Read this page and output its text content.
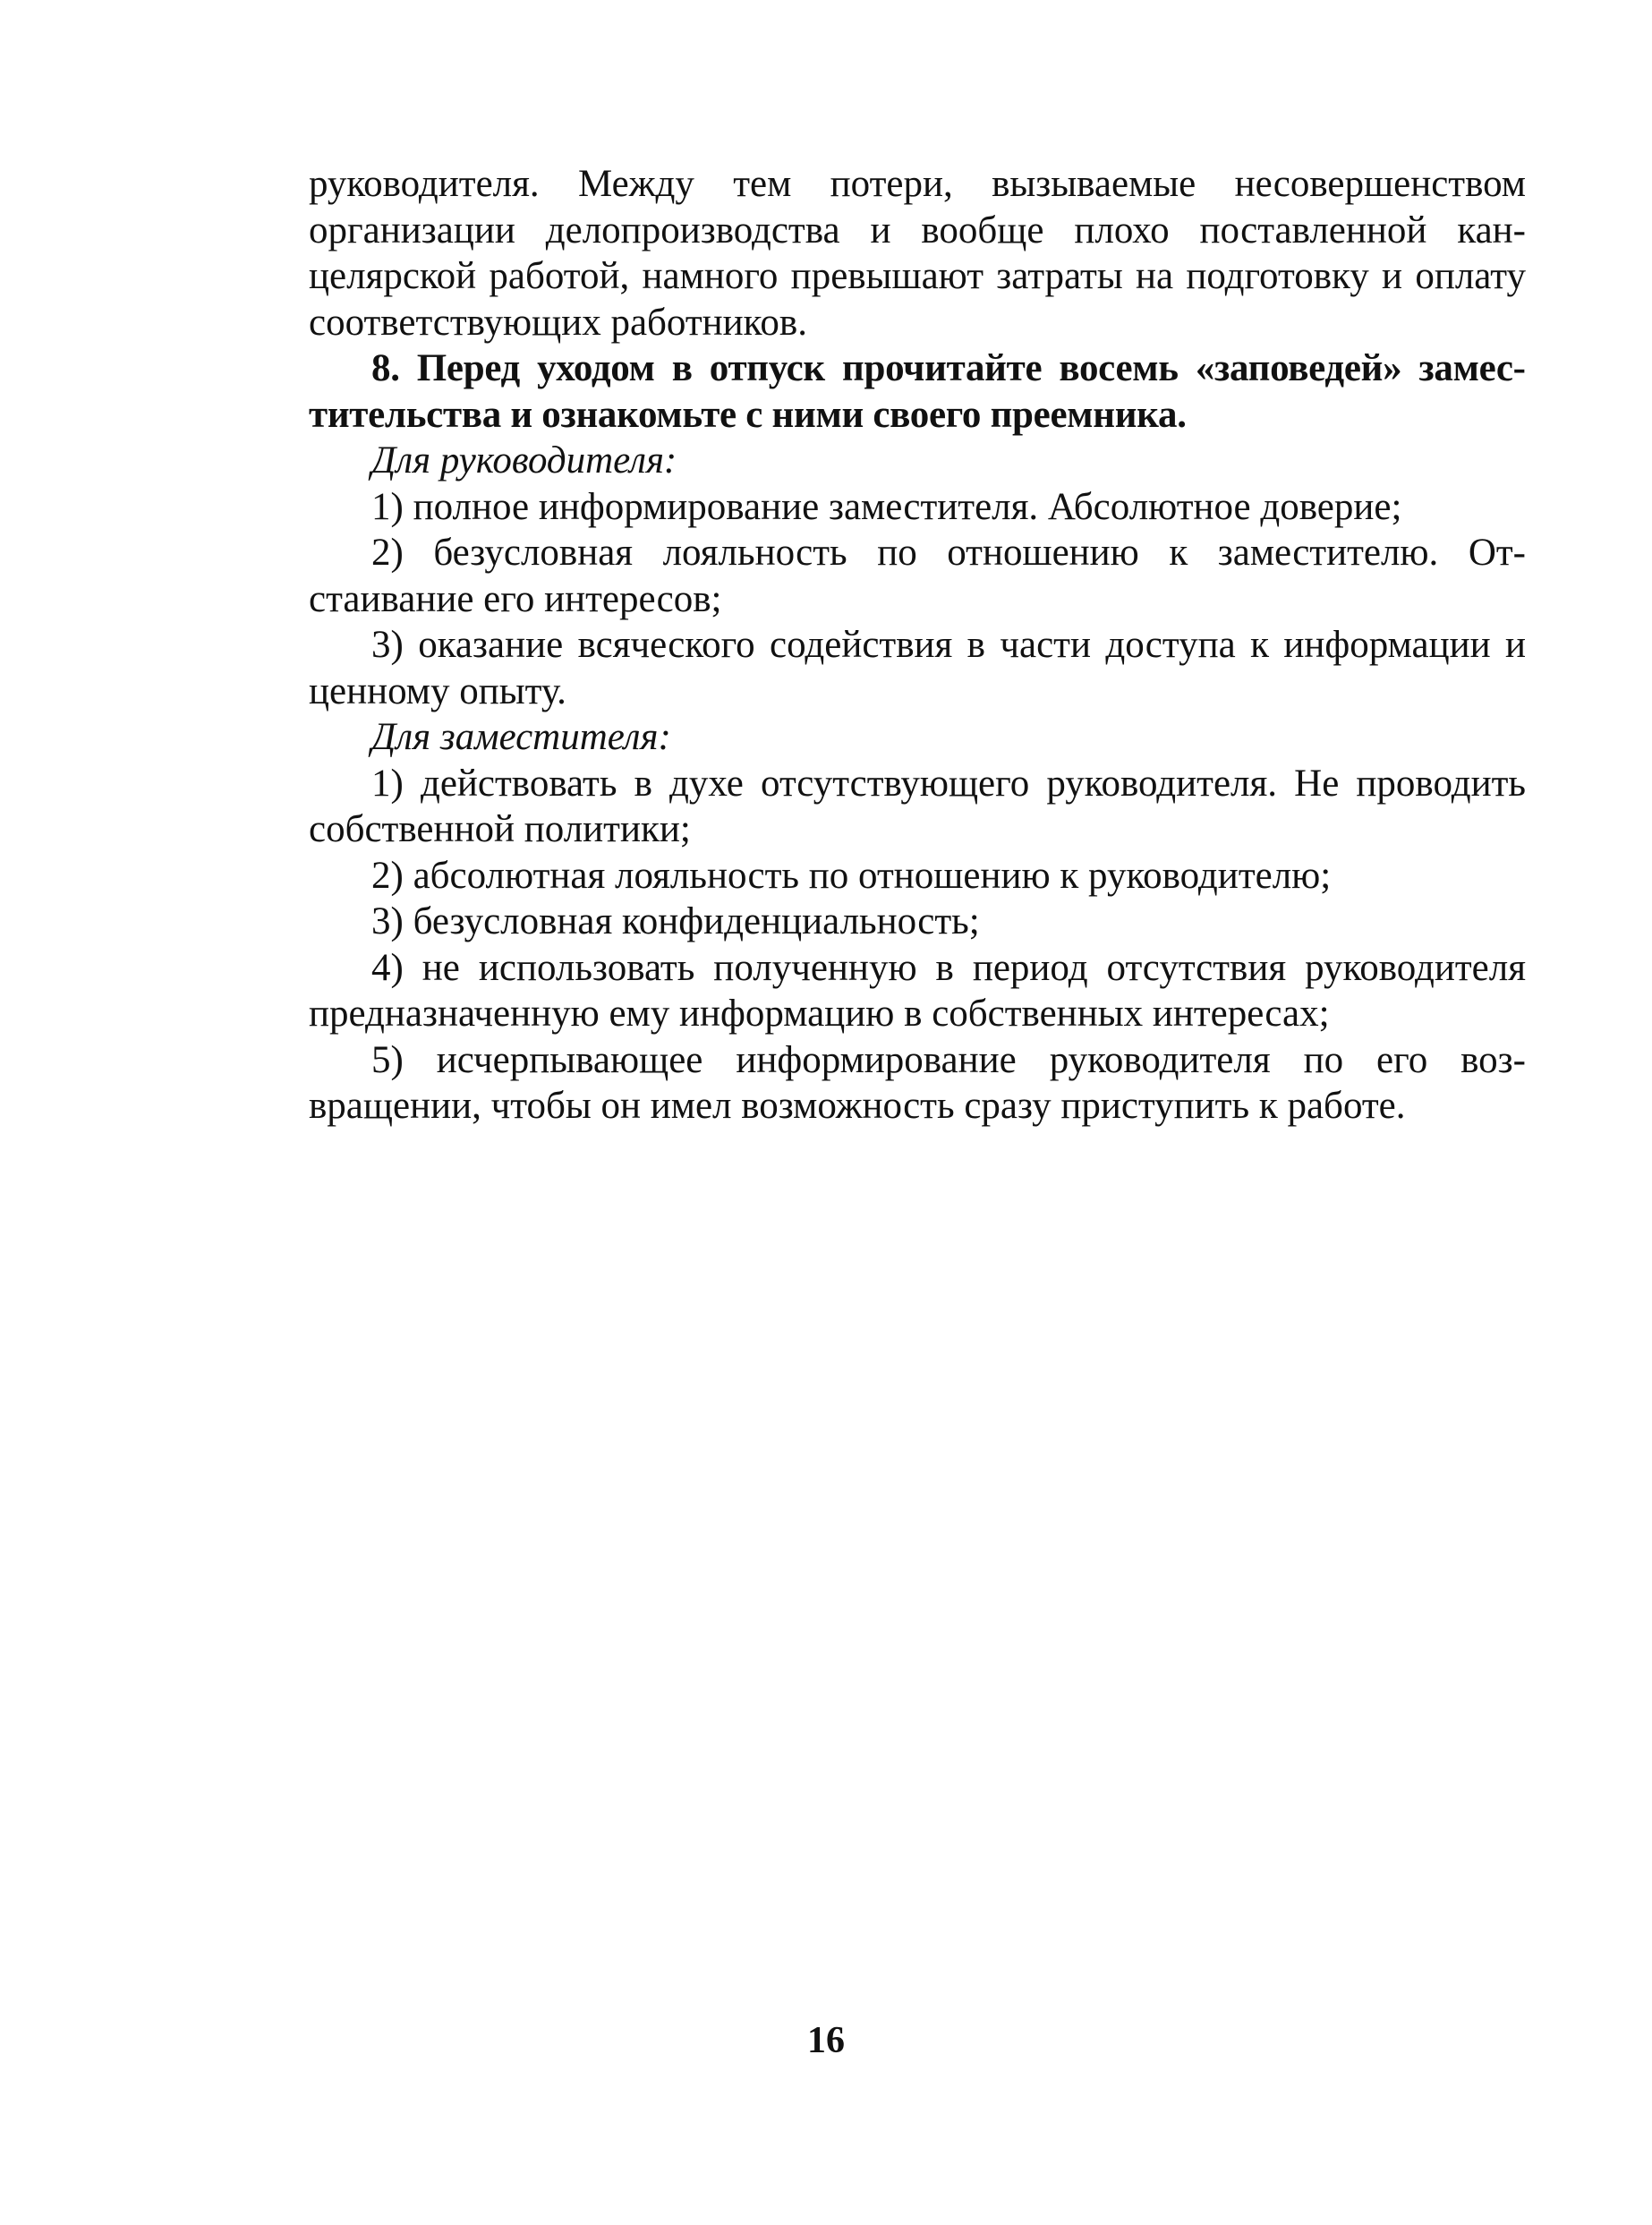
руководителя. Между тем потери, вызываемые несовершенством организации делопроизводства и вообще плохо поставленной канцелярской работой, намного превышают затраты на подготовку и оплату соответствующих работников.

8. Перед уходом в отпуск прочитайте восемь «заповедей» заместительства и ознакомьте с ними своего преемника.

Для руководителя:

1) полное информирование заместителя. Абсолютное доверие;

2) безусловная лояльность по отношению к заместителю. Отстаивание его интересов;

3) оказание всяческого содействия в части доступа к информации и ценному опыту.

Для заместителя:

1) действовать в духе отсутствующего руководителя. Не проводить собственной политики;

2) абсолютная лояльность по отношению к руководителю;

3) безусловная конфиденциальность;

4) не использовать полученную в период отсутствия руководителя предназначенную ему информацию в собственных интересах;

5) исчерпывающее информирование руководителя по его возвращении, чтобы он имел возможность сразу приступить к работе.

16
